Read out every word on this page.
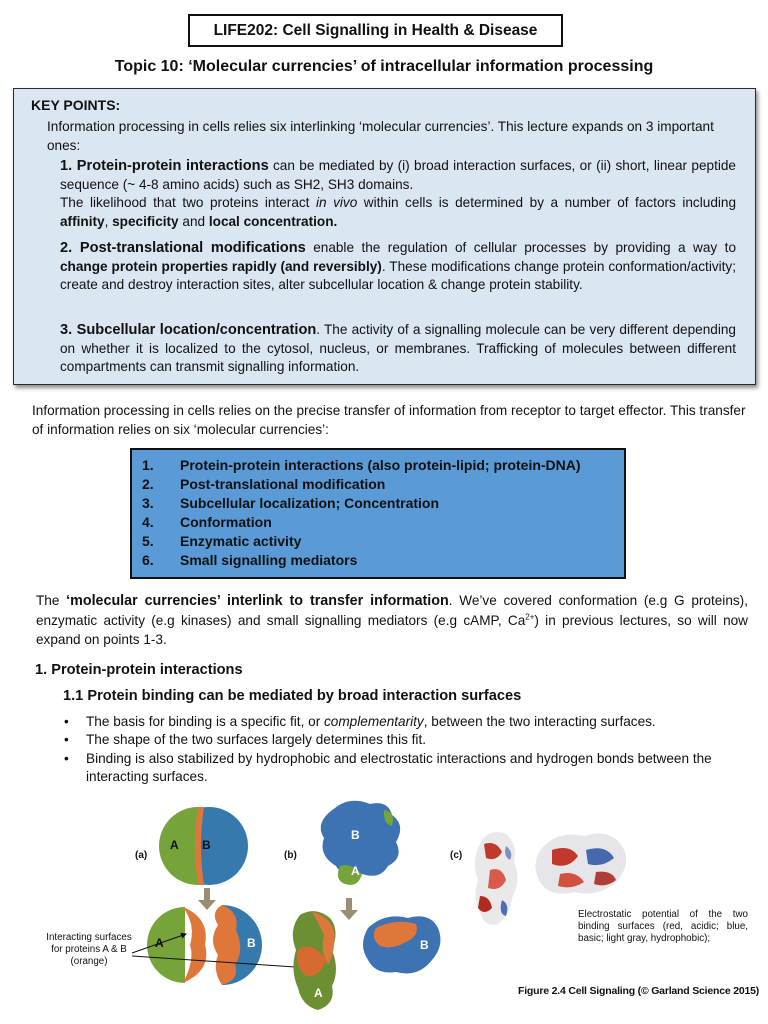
LIFE202: Cell Signalling in Health & Disease
Topic 10: ‘Molecular currencies’ of intracellular information processing
KEY POINTS:
Information processing in cells relies six interlinking ‘molecular currencies’. This lecture expands on 3 important ones:
1. Protein-protein interactions can be mediated by (i) broad interaction surfaces, or (ii) short, linear peptide sequence (~ 4-8 amino acids) such as SH2, SH3 domains.
The likelihood that two proteins interact in vivo within cells is determined by a number of factors including affinity, specificity and local concentration.
2. Post-translational modifications enable the regulation of cellular processes by providing a way to change protein properties rapidly (and reversibly). These modifications change protein conformation/activity; create and destroy interaction sites, alter subcellular location & change protein stability.
3. Subcellular location/concentration. The activity of a signalling molecule can be very different depending on whether it is localized to the cytosol, nucleus, or membranes. Trafficking of molecules between different compartments can transmit signalling information.
Information processing in cells relies on the precise transfer of information from receptor to target effector. This transfer of information relies on six ‘molecular currencies’:
1.	Protein-protein interactions (also protein-lipid; protein-DNA)
2.	Post-translational modification
3.	Subcellular localization; Concentration
4.	Conformation
5.	Enzymatic activity
6.	Small signalling mediators
The ‘molecular currencies’ interlink to transfer information. We’ve covered conformation (e.g G proteins), enzymatic activity (e.g kinases) and small signalling mediators (e.g cAMP, $Ca^{2+}$) in previous lectures, so will now expand on points 1-3.
1. Protein-protein interactions
1.1 Protein binding can be mediated by broad interaction surfaces
• The basis for binding is a specific fit, or complementarity, between the two interacting surfaces.
• The shape of the two surfaces largely determines this fit.
• Binding is also stabilized by hydrophobic and electrostatic interactions and hydrogen bonds between the interacting surfaces.
(a)	(b)	(c)
A B
A	B
B
A
A
B
Interacting surfaces for proteins A & B (orange)
Electrostatic potential of the two binding surfaces (red, acidic; blue, basic; light gray, hydrophobic);
Figure 2.4 Cell Signaling (© Garland Science 2015)
